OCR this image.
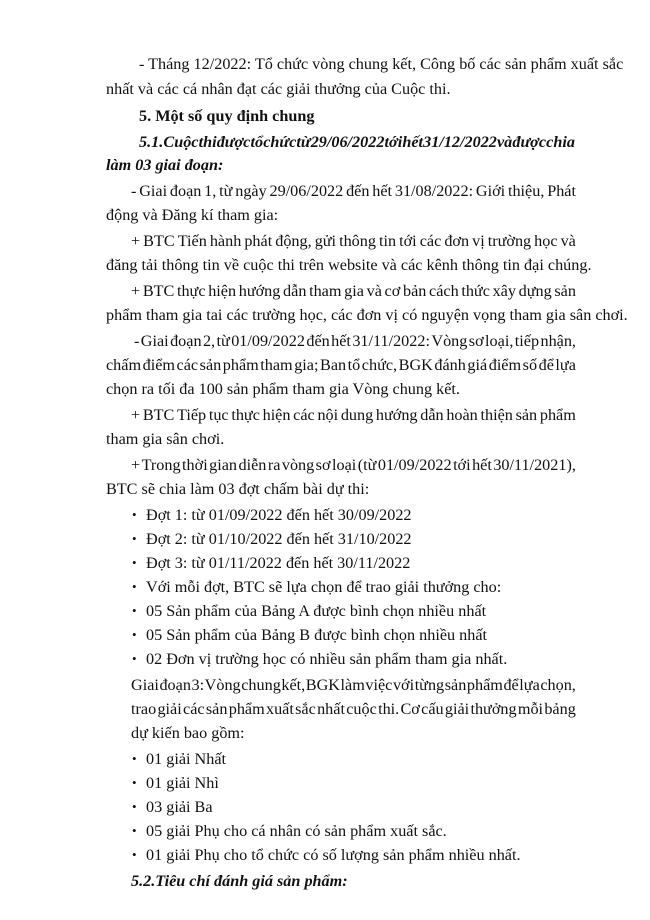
- Tháng 12/2022: Tổ chức vòng chung kết, Công bố các sản phẩm xuất sắc
nhất và các cá nhân đạt các giải thưởng của Cuộc thi.
5. Một số quy định chung
5.1. Cuộc thi được tổ chức từ 29/06/2022 tới hết 31/12/2022 và được chia
làm 03 giai đoạn:
- Giai đoạn 1, từ ngày 29/06/2022 đến hết 31/08/2022: Giới thiệu, Phát
động và Đăng kí tham gia:
+ BTC Tiến hành phát động, gửi thông tin tới các đơn vị trường học và
đăng tải thông tin về cuộc thi trên website và các kênh thông tin đại chúng.
+ BTC thực hiện hướng dẫn tham gia và cơ bản cách thức xây dựng sản
phẩm tham gia tai các trường học, các đơn vị có nguyện vọng tham gia sân chơi.
- Giai đoạn 2, từ 01/09/2022 đến hết 31/11/2022: Vòng sơ loại, tiếp nhận,
chấm điểm các sản phẩm tham gia; Ban tổ chức, BGK đánh giá điểm số để lựa
chọn ra tối đa 100 sản phẩm tham gia Vòng chung kết.
+ BTC Tiếp tục thực hiện các nội dung hướng dẫn hoàn thiện sản phẩm
tham gia sân chơi.
+ Trong thời gian diễn ra vòng sơ loại (từ 01/09/2022 tới hết 30/11/2021),
BTC sẽ chia làm 03 đợt chấm bài dự thi:
• Đợt 1: từ 01/09/2022 đến hết 30/09/2022
• Đợt 2: từ 01/10/2022 đến hết 31/10/2022
• Đợt 3: từ 01/11/2022 đến hết 30/11/2022
• Với mỗi đợt, BTC sẽ lựa chọn để trao giải thưởng cho:
• 05 Sản phẩm của Bảng A được bình chọn nhiều nhất
• 05 Sản phẩm của Bảng B được bình chọn nhiều nhất
• 02 Đơn vị trường học có nhiều sản phẩm tham gia nhất.
Giai đoạn 3: Vòng chung kết, BGK làm việc với từng sản phẩm để lựa chọn,
trao giải các sản phẩm xuất sắc nhất cuộc thi. Cơ cấu giải thưởng mỗi bảng
dự kiến bao gồm:
• 01 giải Nhất
• 01 giải Nhì
• 03 giải Ba
• 05 giải Phụ cho cá nhân có sản phẩm xuất sắc.
• 01 giải Phụ cho tổ chức có số lượng sản phẩm nhiều nhất.
5.2.Tiêu chí đánh giá sản phẩm:
